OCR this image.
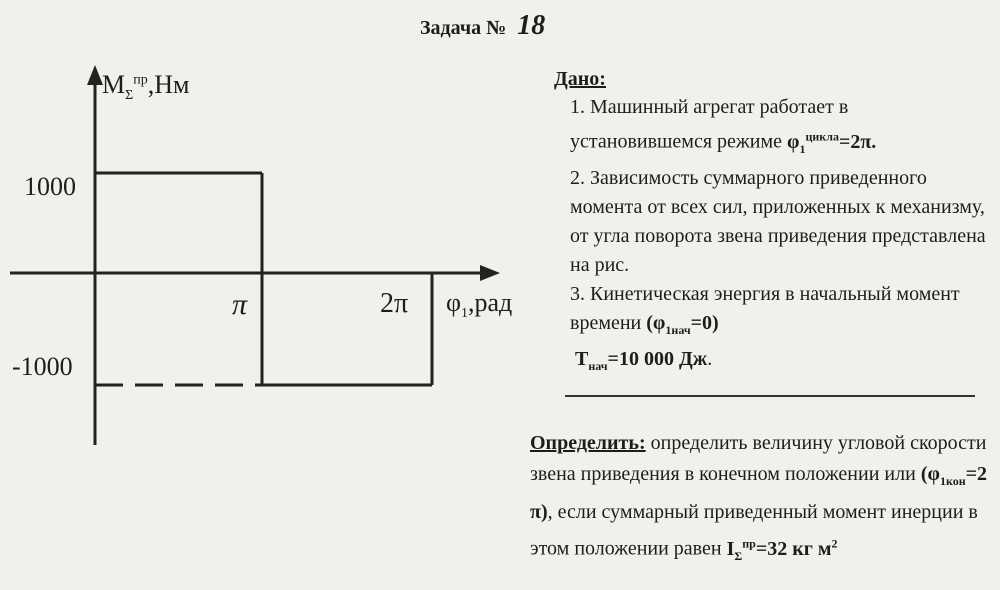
Задача № 18
$M_\Sigma^{пр},Нм$
1000
-1000
π	2π $\varphi_1,рад$
Дано:
1. Машинный агрегат работает в установившемся режиме $\varphi_1^{цикла}=2\pi$.
2. Зависимость суммарного приведенного момента от всех сил, приложенных к механизму, от угла поворота звена приведения представлена на рис.
3. Кинетическая энергия в начальный момент времени $(\varphi_{1нач}=0)$
$T_{нач}=10$ 000 Дж.
Определить: определить величину угловой скорости звена приведения в конечном положении или ($\varphi_{1кон}=2$ π), если суммарный приведенный момент инерции в этом положении равен $I_\Sigma^{пр}=32$ кг $м^2$
